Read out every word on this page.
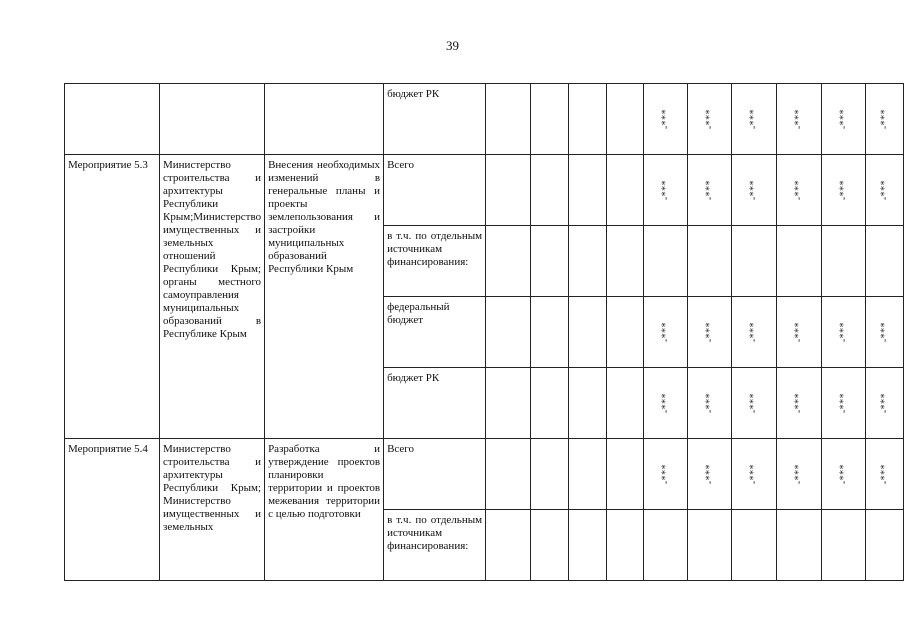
39
			бюджет РК					-***	-***	-***	-***	-***	-***

Мероприятие 5.3	Министерство строительства и архитектуры Республики Крым;Министерство имущественных и земельных отношений Республики Крым; органы местного самоуправления муниципальных образований в Республике Крым	Внесения необходимых изменений в генеральные планы и проекты землепользования и застройки муниципальных образований Республики Крым	Всего					-***	-***	-***	-***	-***	-***

			в т.ч. по отдельным источникам финансирования:										
			федеральный бюджет					-***	-***	-***	-***	-***	-***

			бюджет РК					-***	-***	-***	-***	-***	-***

Мероприятие 5.4	Министерство строительства и архитектуры Республики Крым; Министерство имущественных и земельных	Разработка и утверждение проектов планировки территории и проектов межевания территории с целью подготовки	Всего					-***	-***	-***	-***	-***	-***

			в т.ч. по отдельным источникам финансирования:										
